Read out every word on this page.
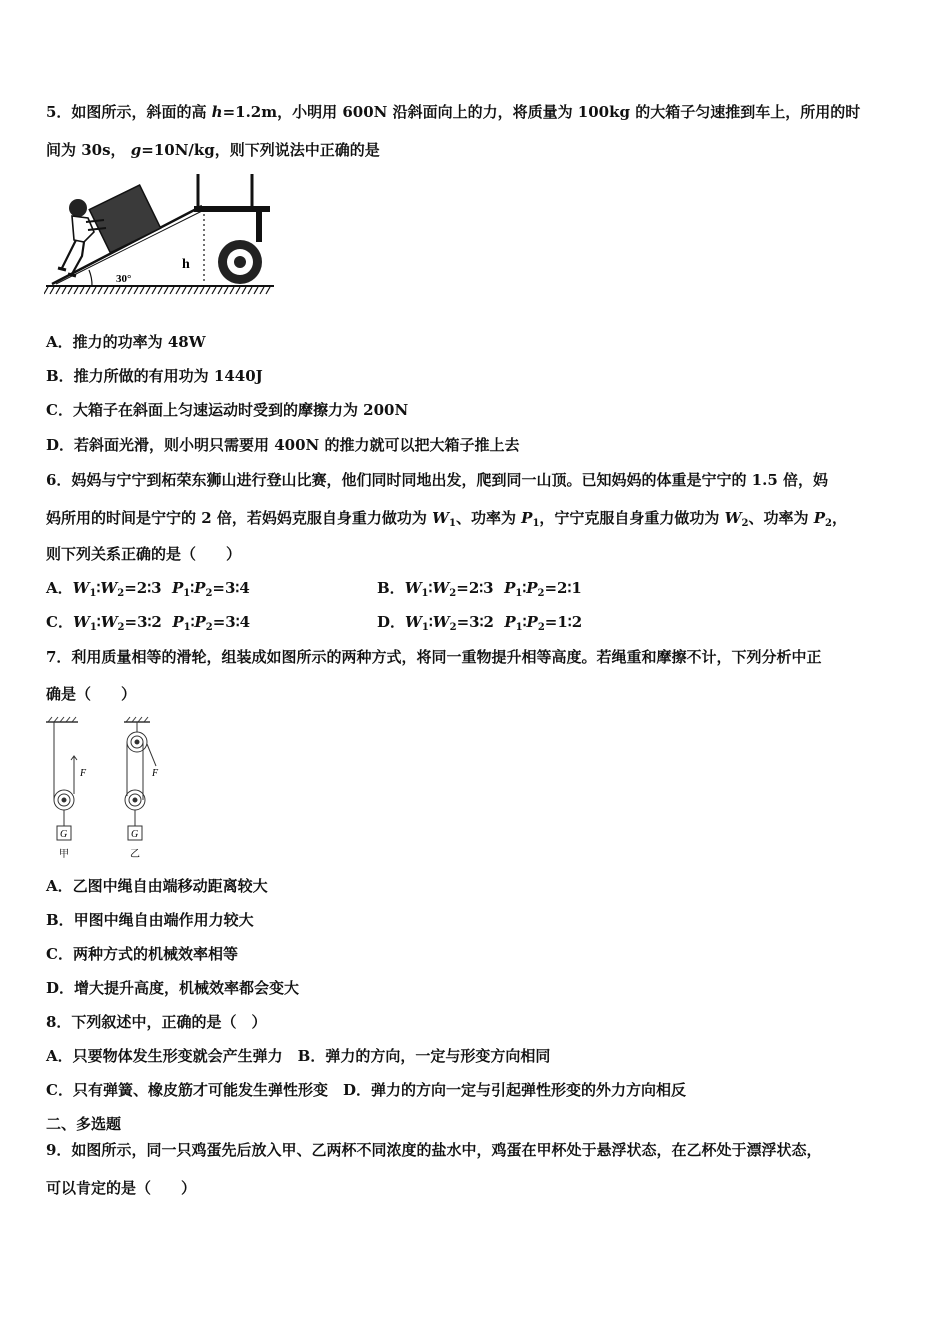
5．如图所示，斜面的高 h=1.2m，小明用 600N 沿斜面向上的力，将质量为 100kg 的大箱子匀速推到车上，所用的时
间为 30s， g=10N/kg，则下列说法中正确的是
30°
h
A．推力的功率为 48W
B．推力所做的有用功为 1440J
C．大箱子在斜面上匀速运动时受到的摩擦力为 200N
D．若斜面光滑，则小明只需要用 400N 的推力就可以把大箱子推上去
6．妈妈与宁宁到柘荣东狮山进行登山比赛，他们同时同地出发，爬到同一山顶。已知妈妈的体重是宁宁的 1.5 倍，妈
妈所用的时间是宁宁的 2 倍，若妈妈克服自身重力做功为 $W_1$、功率为 $P_1$，宁宁克服自身重力做功为 $W_2$、功率为 $P_2$，
则下列关系正确的是（　　）
A．$W_1∶W_2=2∶3$ $P_1∶P_2=3∶4$	B．$W_1∶W_2=2∶3$ $P_1∶P_2=2∶1$
C．$W_1∶W_2=3∶2$ $P_1∶P_2=3∶4$	D．$W_1∶W_2=3∶2$ $P_1∶P_2=1∶2$
7．利用质量相等的滑轮，组装成如图所示的两种方式，将同一重物提升相等高度。若绳重和摩擦不计，下列分析中正
确是（　　）
F	F
G	G
甲	乙
A．乙图中绳自由端移动距离较大
B．甲图中绳自由端作用力较大
C．两种方式的机械效率相等
D．增大提升高度，机械效率都会变大
8．下列叙述中，正确的是（　）
A．只要物体发生形变就会产生弹力　B．弹力的方向，一定与形变方向相同
C．只有弹簧、橡皮筋才可能发生弹性形变　D．弹力的方向一定与引起弹性形变的外力方向相反
二、多选题
9．如图所示，同一只鸡蛋先后放入甲、乙两杯不同浓度的盐水中，鸡蛋在甲杯处于悬浮状态，在乙杯处于漂浮状态，
可以肯定的是（　　）
